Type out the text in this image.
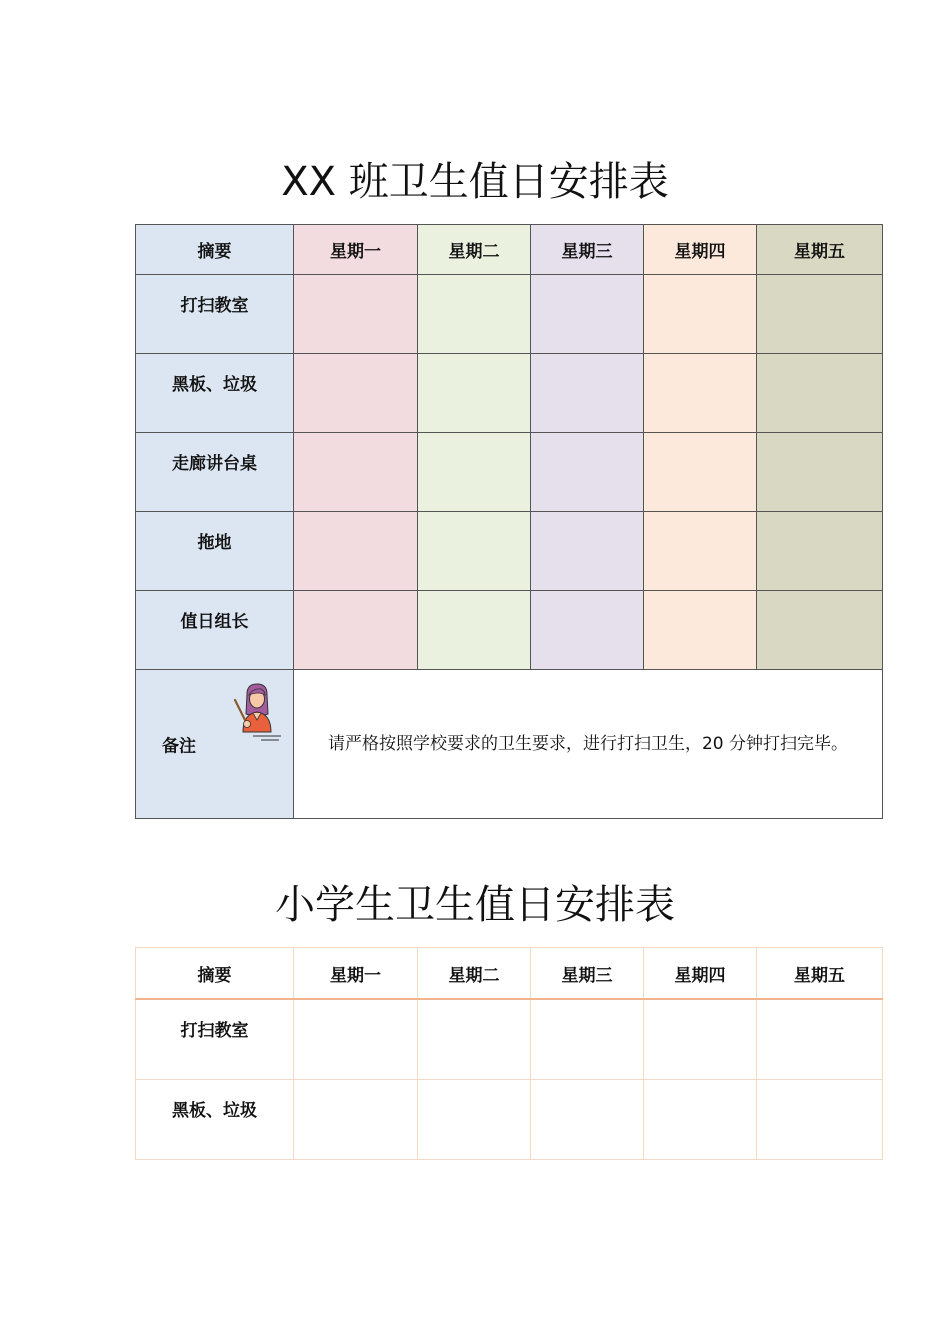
XX 班卫生值日安排表
摘要	星期一	星期二	星期三	星期四	星期五
打扫教室					
黑板、垃圾					
走廊讲台桌					
拖地					
值日组长					

备注	请严格按照学校要求的卫生要求，进行打扫卫生，20 分钟打扫完毕。				
小学生卫生值日安排表
摘要	星期一	星期二	星期三	星期四	星期五
打扫教室					
黑板、垃圾					
